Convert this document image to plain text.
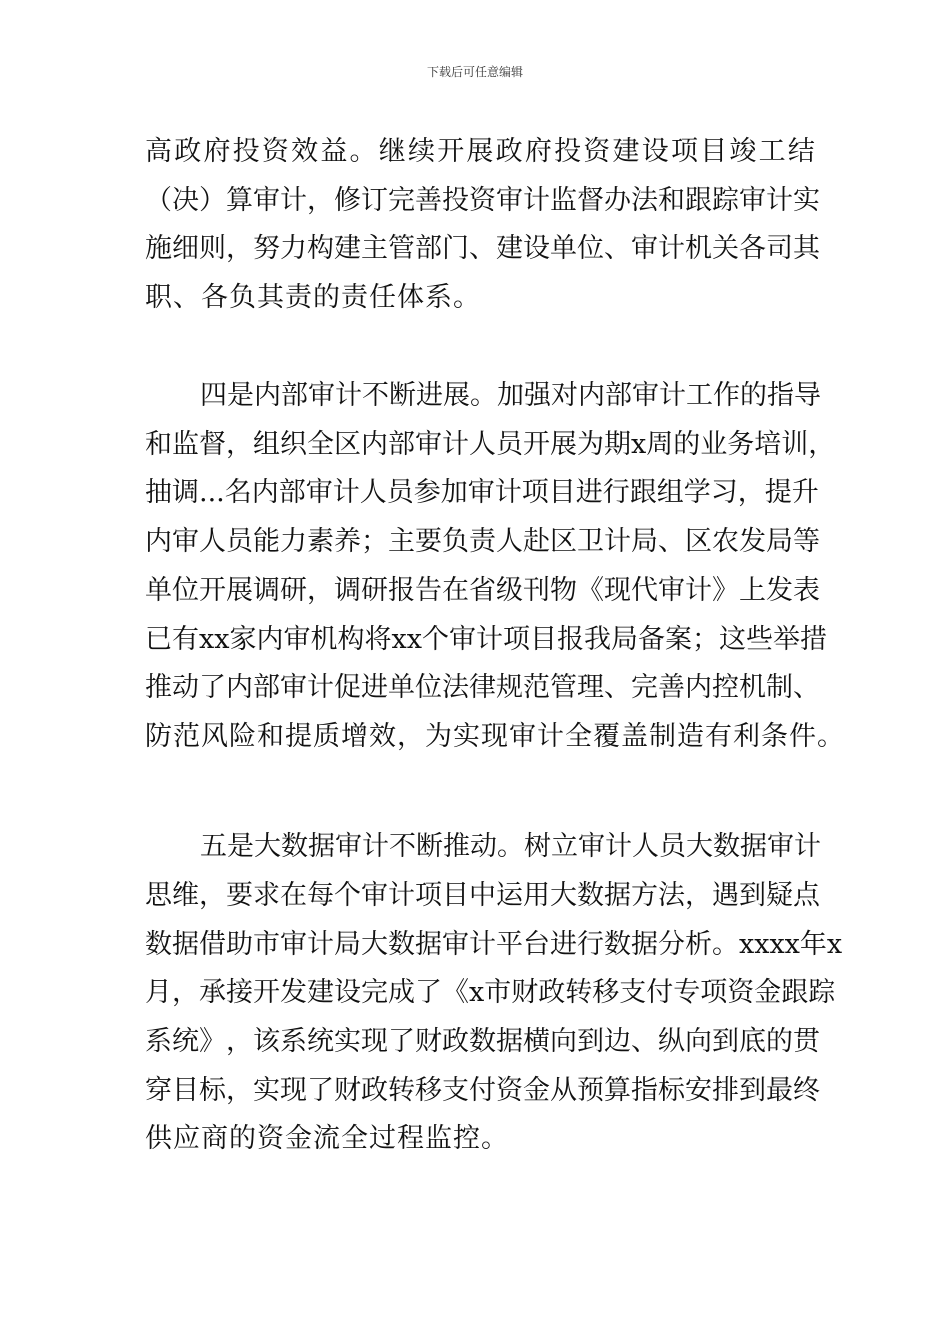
下载后可任意编辑
高 政 府 投 资 效 益 。 继 续 开 展 政 府 投 资 建 设 项 目 竣 工 结
（ 决 ） 算 审 计 ， 修 订 完 善 投 资 审 计 监 督 办 法 和 跟 踪 审 计 实
施 细 则 ， 努 力 构 建 主 管 部 门 、 建 设 单 位 、 审 计 机 关 各 司 其
职、各负其责的责任体系。
四 是 内 部 审 计 不 断 进 展 。 加 强 对 内 部 审 计 工 作 的 指 导
和 监 督 ， 组 织 全 区 内 部 审 计 人 员 开 展 为 期 x 周 的 业 务 培 训 ，
抽 调 ... 名 内 部 审 计 人 员 参 加 审 计 项 目 进 行 跟 组 学 习 ， 提 升
内 审 人 员 能 力 素 养 ； 主 要 负 责 人 赴 区 卫 计 局 、 区 农 发 局 等
单 位 开 展 调 研 ， 调 研 报 告 在 省 级 刊 物 《 现 代 审 计 》 上 发 表
已 有 xx 家 内 审 机 构 将 xx 个 审 计 项 目 报 我 局 备 案 ； 这 些 举 措
推 动 了 内 部 审 计 促 进 单 位 法 律 规 范 管 理 、 完 善 内 控 机 制 、
防范风险和提质增效，为实现审计全覆盖制造有利条件。
五 是 大 数 据 审 计 不 断 推 动 。 树 立 审 计 人 员 大 数 据 审 计
思 维 ， 要 求 在 每 个 审 计 项 目 中 运 用 大 数 据 方 法 ， 遇 到 疑 点
数 据 借 助 市 审 计 局 大 数 据 审 计 平 台 进 行 数 据 分 析 。 xxxx 年 x
月 ， 承 接 开 发 建 设 完 成 了 《 x 市 财 政 转 移 支 付 专 项 资 金 跟 踪
系 统 》 ， 该 系 统 实 现 了 财 政 数 据 横 向 到 边 、 纵 向 到 底 的 贯
穿 目 标 ， 实 现 了 财 政 转 移 支 付 资 金 从 预 算 指 标 安 排 到 最 终
供应商的资金流全过程监控。
